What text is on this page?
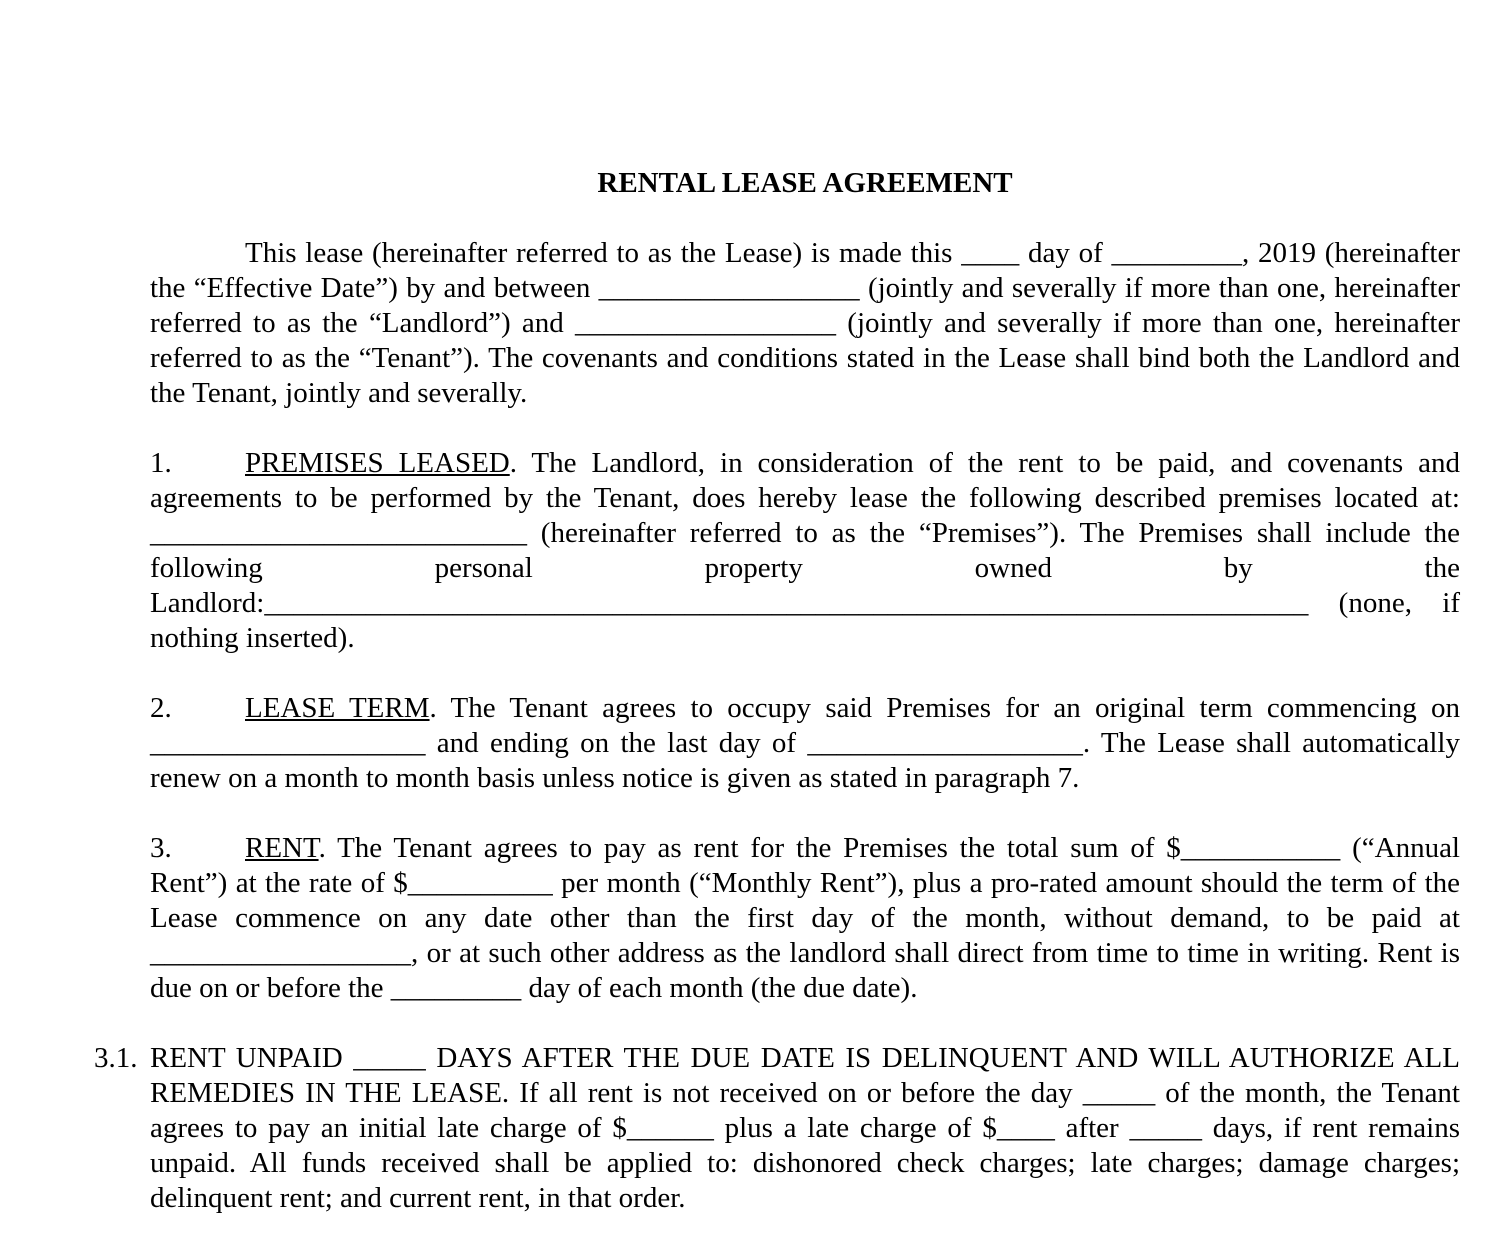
RENTAL LEASE AGREEMENT

This lease (hereinafter referred to as the Lease) is made this ____ day of _________, 2019 (hereinafter the “Effective Date”) by and between __________________ (jointly and severally if more than one, hereinafter referred to as the “Landlord”) and __________________ (jointly and severally if more than one, hereinafter referred to as the “Tenant”). The covenants and conditions stated in the Lease shall bind both the Landlord and the Tenant, jointly and severally.

1.	PREMISES LEASED. The Landlord, in consideration of the rent to be paid, and covenants and agreements to be performed by the Tenant, does hereby lease the following described premises located at: __________________________ (hereinafter referred to as the “Premises”). The Premises shall include the following personal property owned by the Landlord:________________________________________________________________________ (none, if nothing inserted).

2.	LEASE TERM. The Tenant agrees to occupy said Premises for an original term commencing on ___________________ and ending on the last day of ___________________. The Lease shall automatically renew on a month to month basis unless notice is given as stated in paragraph 7.

3.	RENT. The Tenant agrees to pay as rent for the Premises the total sum of $___________ (“Annual Rent”) at the rate of $__________ per month (“Monthly Rent”), plus a pro-rated amount should the term of the Lease commence on any date other than the first day of the month, without demand, to be paid at __________________, or at such other address as the landlord shall direct from time to time in writing. Rent is due on or before the _________ day of each month (the due date).

3.1. RENT UNPAID _____ DAYS AFTER THE DUE DATE IS DELINQUENT AND WILL AUTHORIZE ALL REMEDIES IN THE LEASE. If all rent is not received on or before the day _____ of the month, the Tenant agrees to pay an initial late charge of $______ plus a late charge of $____ after _____ days, if rent remains unpaid. All funds received shall be applied to: dishonored check charges; late charges; damage charges; delinquent rent; and current rent, in that order.
